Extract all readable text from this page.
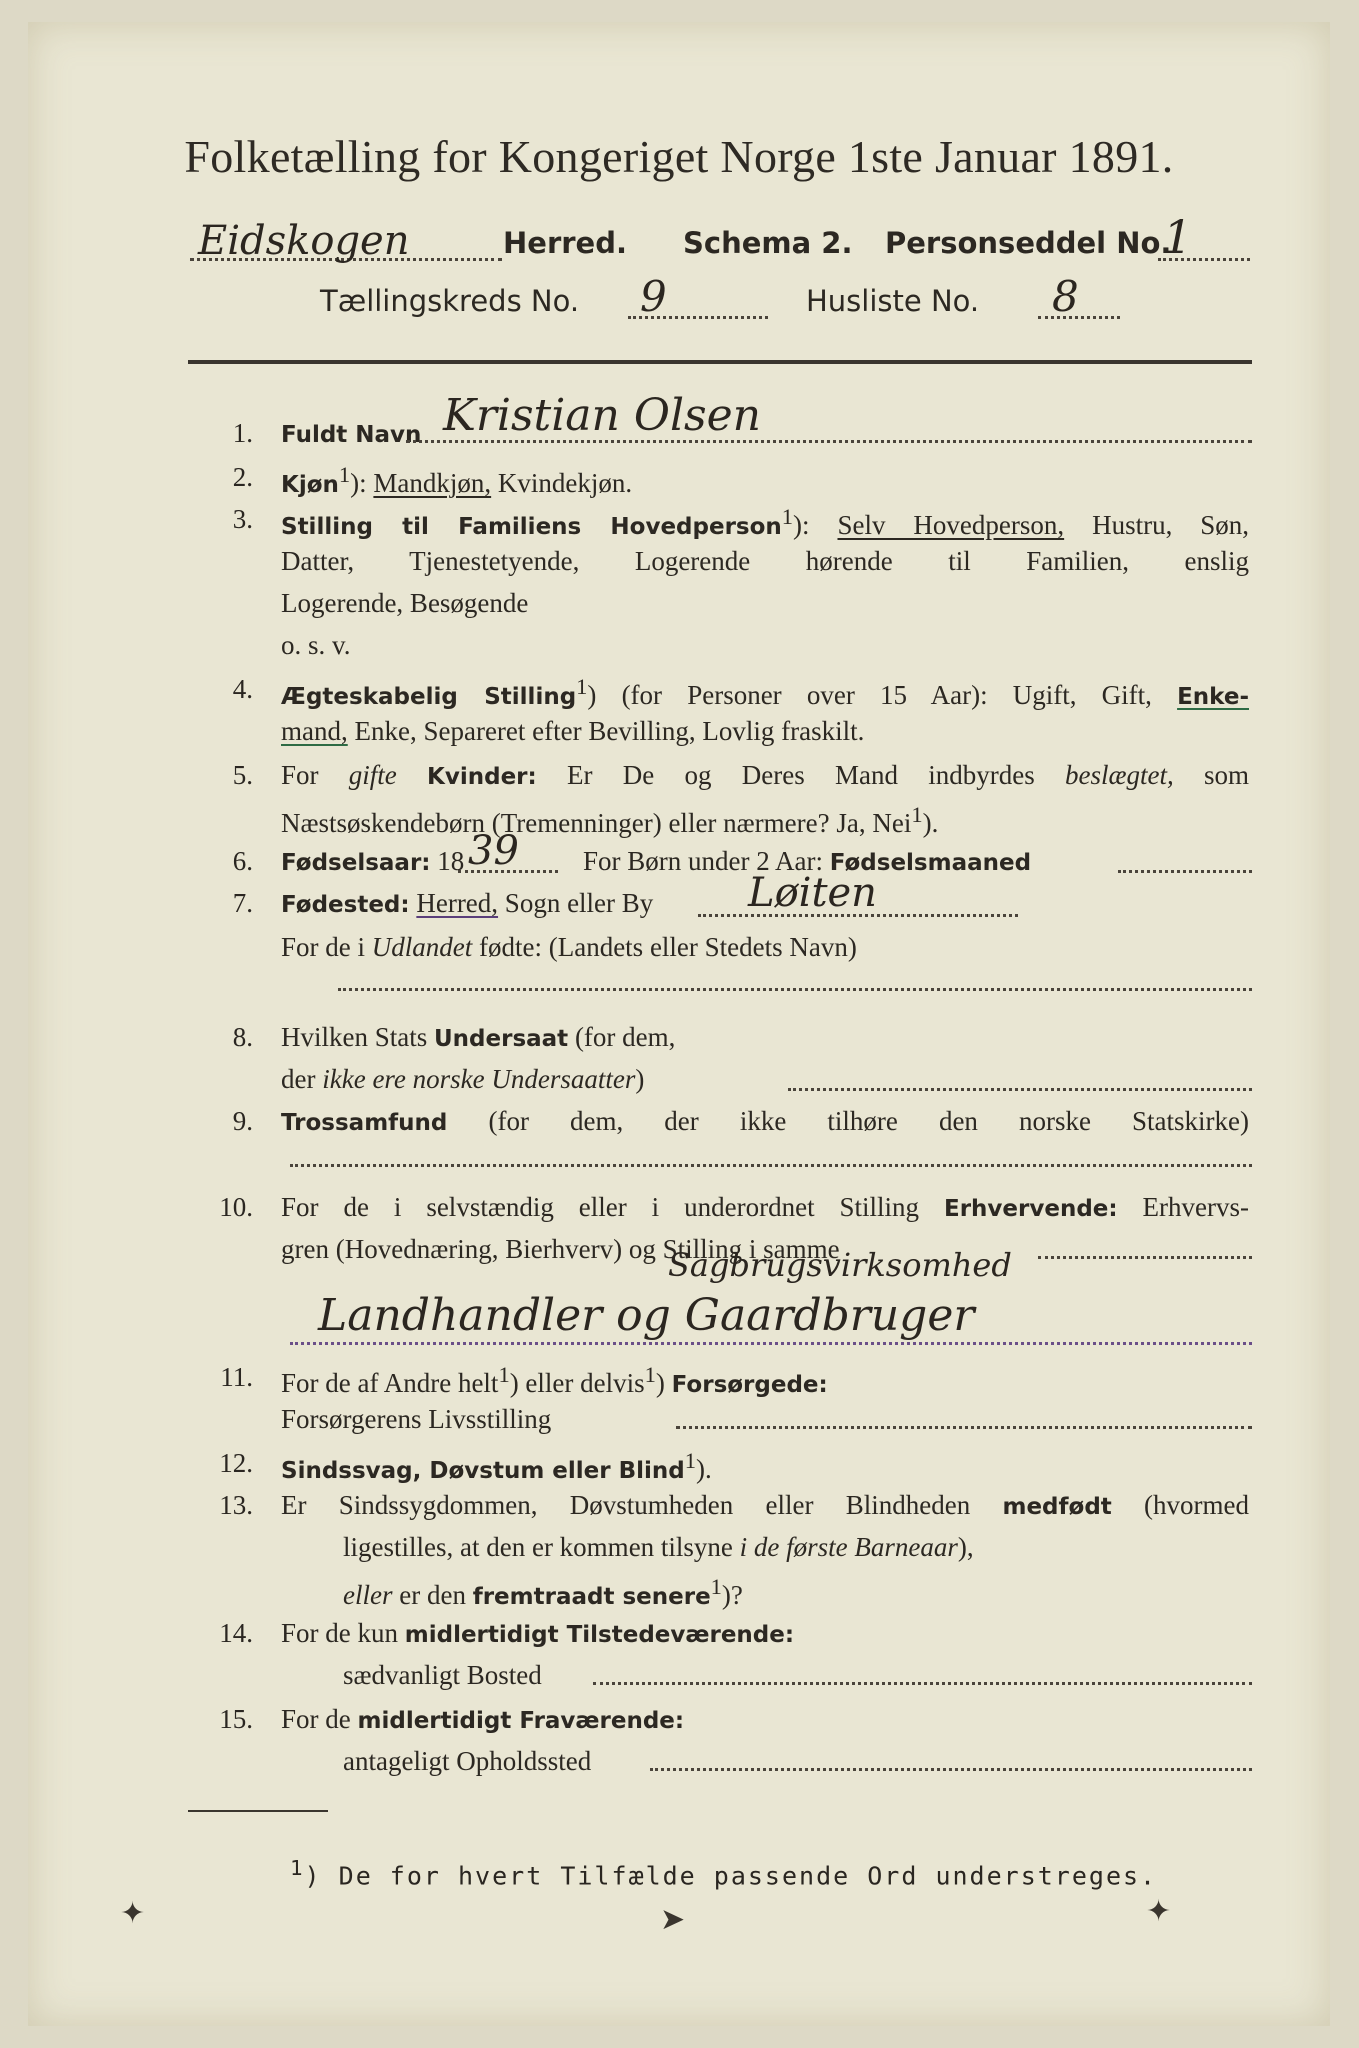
Folketælling for Kongeriget Norge 1ste Januar 1891.
Eidskogen	Herred. Schema 2. Personseddel No.
1
Tællingskreds No. 9	Husliste No. 8
1. Fuldt Navn Kristian Olsen
2. Kjøn$^1$): Mandkjøn, Kvindekjøn.
3. Stilling til Familiens Hovedperson$^1$): Selv Hovedperson, Hustru, Søn,
Datter, Tjenestetyende, Logerende hørende til Familien, enslig
Logerende, Besøgende
o. s. v.
4. Ægteskabelig Stilling$^1$) (for Personer over 15 Aar): Ugift, Gift, Enke-
mand, Enke, Separeret efter Bevilling, Lovlig fraskilt.
5. For gifte Kvinder: Er De og Deres Mand indbyrdes beslægtet, som
Næstsøskendebørn (Tremenninger) eller nærmere? Ja, Nei$^1$).
6. Fødselsaar: 18 39 For Børn under 2 Aar: Fødselsmaaned
7. Fødested: Herred, Sogn eller By Løiten
For de i Udlandet fødte: (Landets eller Stedets Navn)
8. Hvilken Stats Undersaat (for dem,
der ikke ere norske Undersaatter)
9. Trossamfund (for dem, der ikke tilhøre den norske Statskirke)
10. For de i selvstændig eller i underordnet Stilling Erhvervende: Erhvervs-
gren (Hovednæring, Bierhverv) og Stilling i samme
Sagbrugsvirksomhed
Landhandler og Gaardbruger
11. For de af Andre helt$^1$) eller delvis$^1$) Forsørgede:
Forsørgerens Livsstilling
12. Sindssvag, Døvstum eller Blind$^1$).
13. Er Sindssygdommen, Døvstumheden eller Blindheden medfødt (hvormed
ligestilles, at den er kommen tilsyne i de første Barneaar),
eller er den fremtraadt senere$^1$)?
14. For de kun midlertidigt Tilstedeværende:
sædvanligt Bosted
15. For de midlertidigt Fraværende:
antageligt Opholdssted
$^1$) De for hvert Tilfælde passende Ord understreges.
✦	➤	✦
